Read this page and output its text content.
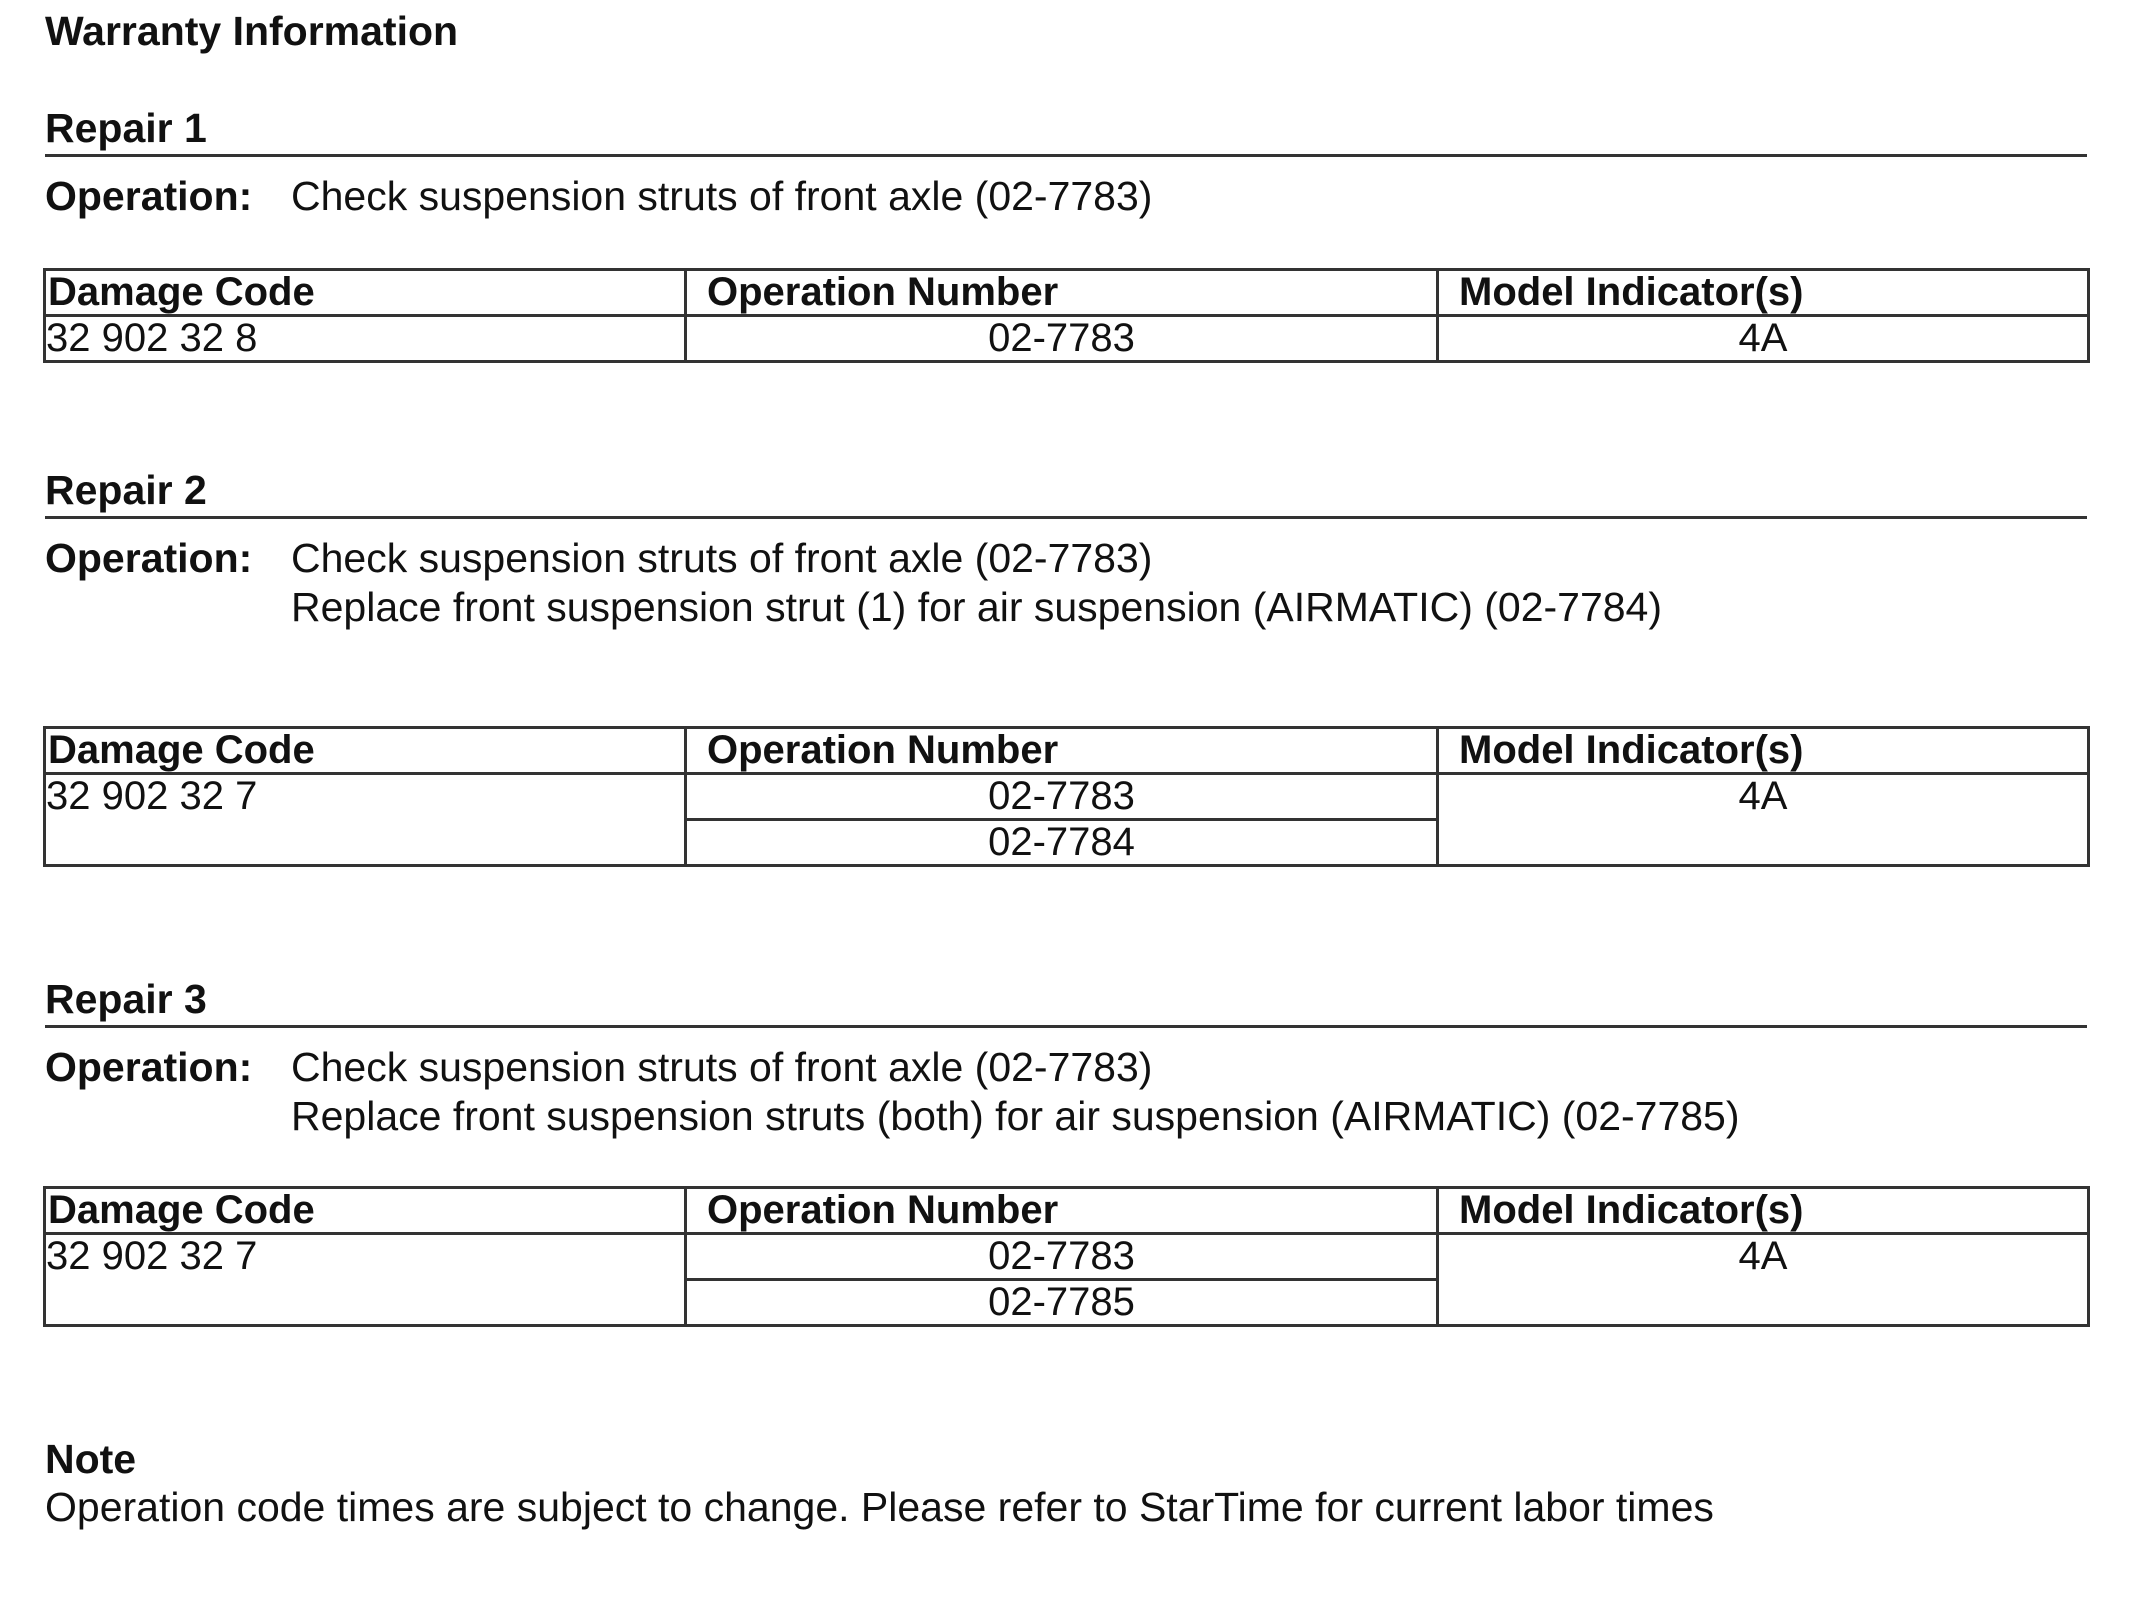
Warranty Information
Repair 1
Operation: Check suspension struts of front axle (02-7783)
Damage Code	Operation Number	Model Indicator(s)
32 902 32 8	02-7783	4A
Repair 2
Operation: Check suspension struts of front axle (02-7783)
Replace front suspension strut (1) for air suspension (AIRMATIC) (02-7784)
Damage Code	Operation Number	Model Indicator(s)
32 902 32 7	02-7783	4A
	02-7784	
Repair 3
Operation: Check suspension struts of front axle (02-7783)
Replace front suspension struts (both) for air suspension (AIRMATIC) (02-7785)
Damage Code	Operation Number	Model Indicator(s)
32 902 32 7	02-7783	4A
	02-7785	
Note
Operation code times are subject to change. Please refer to StarTime for current labor times
